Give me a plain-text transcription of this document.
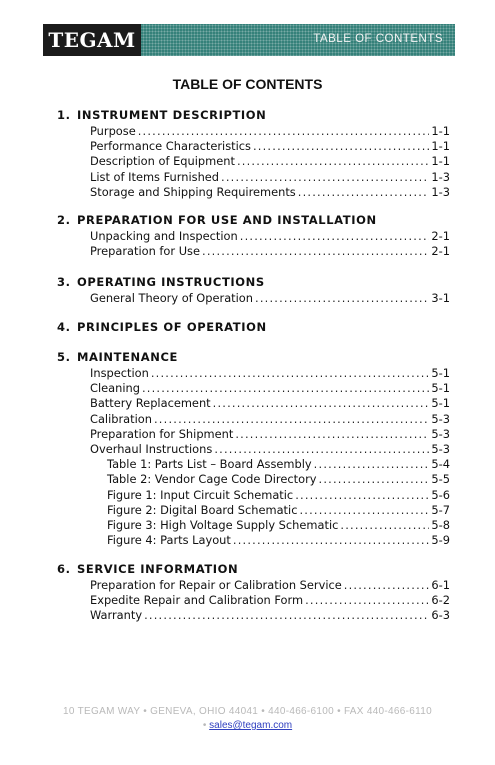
TEGAM	TABLE OF CONTENTS
TABLE OF CONTENTS
1. INSTRUMENT DESCRIPTION
Purpose .....	1-1
Performance Characteristics .....	1-1
Description of Equipment .....	1-1
List of Items Furnished .....	1-3
Storage and Shipping Requirements .....	1-3
2. PREPARATION FOR USE AND INSTALLATION
Unpacking and Inspection .....	2-1
Preparation for Use .....	2-1
3. OPERATING INSTRUCTIONS
General Theory of Operation .....	3-1
4. PRINCIPLES OF OPERATION
5. MAINTENANCE
Inspection .....	5-1
Cleaning .....	5-1
Battery Replacement .....	5-1
Calibration .....	5-3
Preparation for Shipment .....	5-3
Overhaul Instructions .....	5-3
Table 1: Parts List – Board Assembly .....	5-4
Table 2: Vendor Cage Code Directory .....	5-5
Figure 1: Input Circuit Schematic .....	5-6
Figure 2: Digital Board Schematic .....	5-7
Figure 3: High Voltage Supply Schematic .....	5-8
Figure 4: Parts Layout .....	5-9
6. SERVICE INFORMATION
Preparation for Repair or Calibration Service .....	6-1
Expedite Repair and Calibration Form .....	6-2
Warranty .....	6-3
10 TEGAM WAY • GENEVA, OHIO 44041 • 440-466-6100 • FAX 440-466-6110
• sales@tegam.com
